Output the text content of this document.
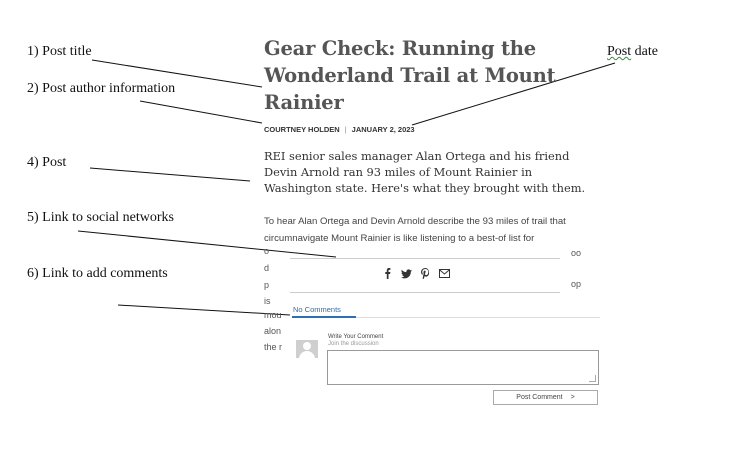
1) Post title
2) Post author information
4) Post
5) Link to social networks
6) Link to add comments
Post date
Gear Check: Running the Wonderland Trail at Mount Rainier
COURTNEY HOLDEN | JANUARY 2, 2023
REI senior sales manager Alan Ortega and his friend Devin Arnold ran 93 miles of Mount Rainier in Washington state. Here's what they brought with them.
To hear Alan Ortega and Devin Arnold describe the 93 miles of trail that
circumnavigate Mount Rainier is like listening to a best-of list for
o
d
p
is
mou
alon
the r
oo
op
No Comments
Write Your Comment
Join the discussion
Post Comment >
